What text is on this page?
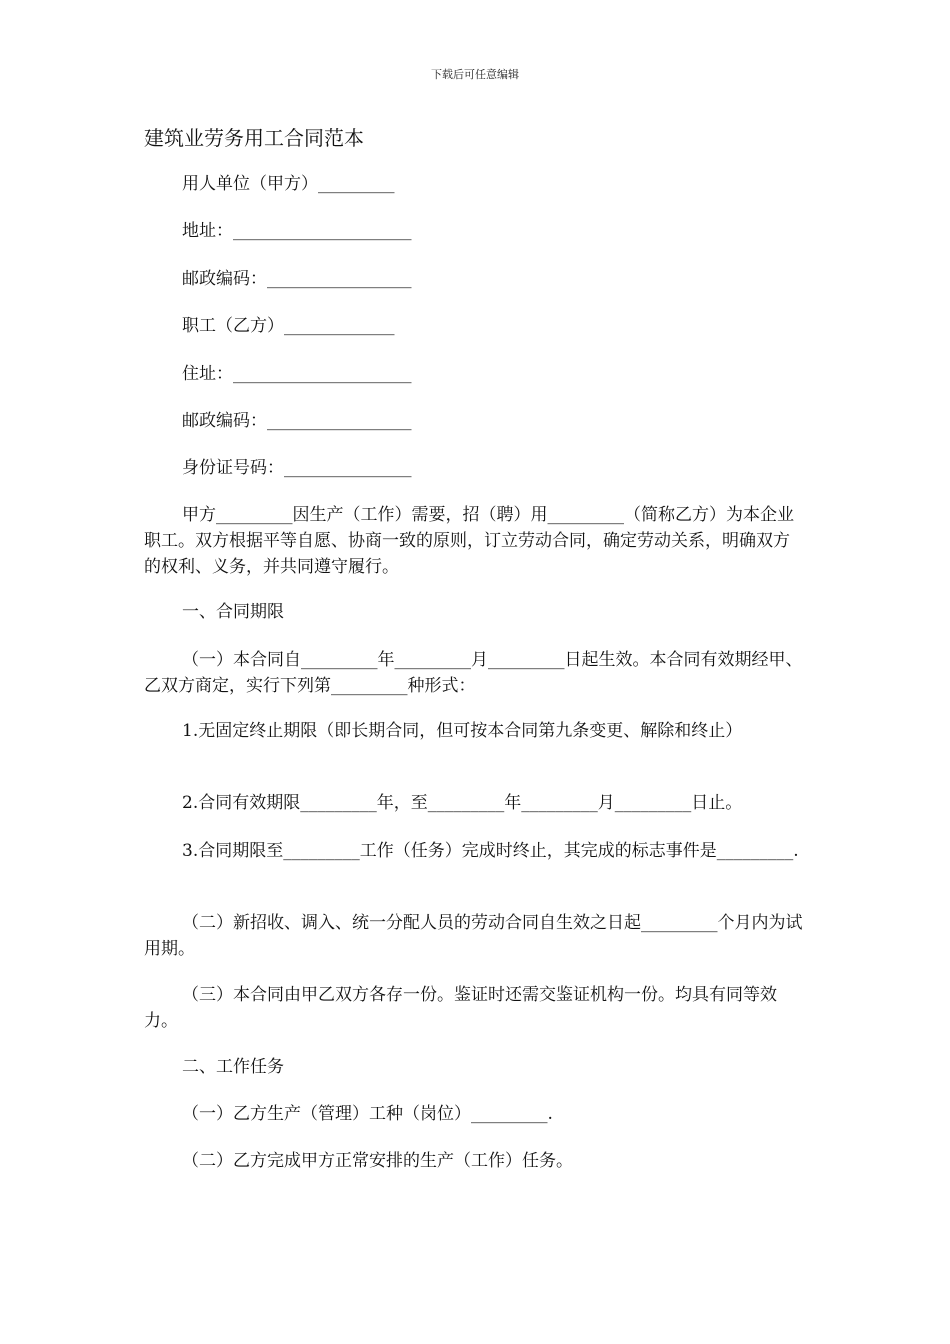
下载后可任意编辑
建筑业劳务用工合同范本
用人单位（甲方）_________
地址：_____________________
邮政编码：_________________
职工（乙方）_____________
住址：_____________________
邮政编码：_________________
身份证号码：_______________
甲方_________因生产（工作）需要，招（聘）用_________（简称乙方）为本企业职工。双方根据平等自愿、协商一致的原则，订立劳动合同，确定劳动关系，明确双方的权利、义务，并共同遵守履行。
一、合同期限
（一）本合同自_________年_________月_________日起生效。本合同有效期经甲、乙双方商定，实行下列第_________种形式：
1.无固定终止期限（即长期合同，但可按本合同第九条变更、解除和终止）
2.合同有效期限_________年，至_________年_________月_________日止。
3.合同期限至_________工作（任务）完成时终止，其完成的标志事件是_________.
（二）新招收、调入、统一分配人员的劳动合同自生效之日起_________个月内为试用期。
（三）本合同由甲乙双方各存一份。鉴证时还需交鉴证机构一份。均具有同等效力。
二、工作任务
（一）乙方生产（管理）工种（岗位）_________.
（二）乙方完成甲方正常安排的生产（工作）任务。
